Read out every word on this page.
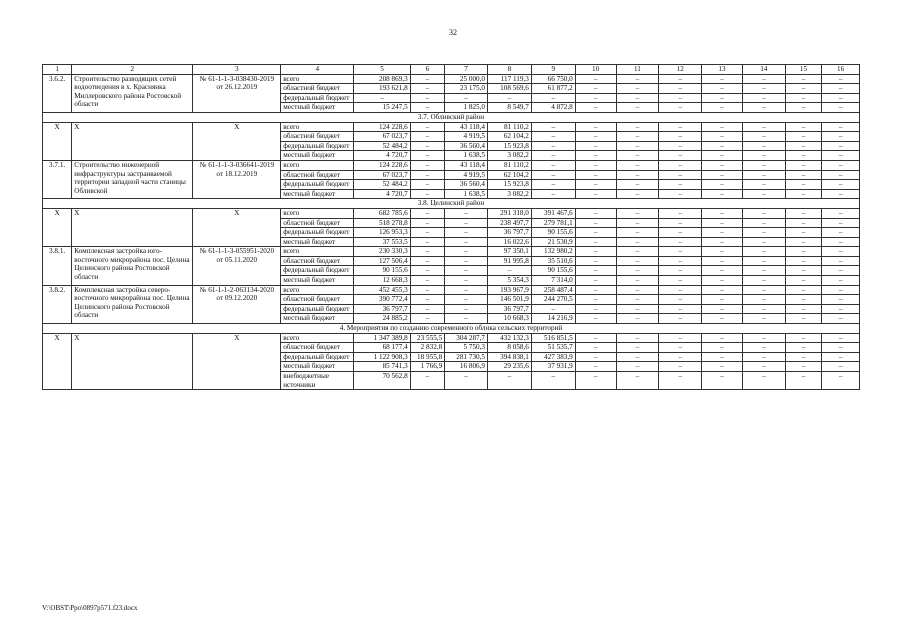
32
1	2	3	4	5	6	7	8	9	10	11	12	13	14	15	16
3.6.2.	Строительство разводящих сетей водоотведения в х. Краснянка Миллеровского района Ростовской области	№ 61-1-1-3-038430-2019 от 26.12.2019	всего	208 869,3	–	25 000,0	117 119,3	66 750,0	–	–	–	–	–	–	–
			областной бюджет	193 621,8	–	23 175,0	108 569,6	61 877,2	–	–	–	–	–	–	–
			федеральный бюджет	–	–	–	–	–	–	–	–	–	–	–	–
			местный бюджет	15 247,5	–	1 825,0	8 549,7	4 872,8	–	–	–	–	–	–	–
3.7. Обливский район															
Х	Х	Х	всего	124 228,6	–	43 118,4	81 110,2	–	–	–	–	–	–	–	–
			областной бюджет	67 023,7	–	4 919,5	62 104,2	–	–	–	–	–	–	–	–
			федеральный бюджет	52 484,2	–	36 560,4	15 923,8	–	–	–	–	–	–	–	–
			местный бюджет	4 720,7	–	1 638,5	3 082,2	–	–	–	–	–	–	–	–
3.7.1.	Строительство инженерной инфраструктуры застраиваемой территории западной части станицы Обливской	№ 61-1-1-3-036641-2019 от 18.12.2019	всего	124 228,6	–	43 118,4	81 110,2	–	–	–	–	–	–	–	–
			областной бюджет	67 023,7	–	4 919,5	62 104,2	–	–	–	–	–	–	–	–
			федеральный бюджет	52 484,2	–	36 560,4	15 923,8	–	–	–	–	–	–	–	–
			местный бюджет	4 720,7	–	1 638,5	3 082,2	–	–	–	–	–	–	–	–
3.8. Целинский район															
Х	Х	Х	всего	682 785,6	–	–	291 318,0	391 467,6	–	–	–	–	–	–	–
			областной бюджет	518 278,8	–	–	238 497,7	279 781,1	–	–	–	–	–	–	–
			федеральный бюджет	126 953,3	–	–	36 797,7	90 155,6	–	–	–	–	–	–	–
			местный бюджет	37 553,5	–	–	16 022,6	21 530,9	–	–	–	–	–	–	–
3.8.1.	Комплексная застройка юго-восточного микрорайона пос. Целина Целинского района Ростовской области	№ 61-1-1-3-055951-2020 от 05.11.2020	всего	230 330,3	–	–	97 350,1	132 980,2	–	–	–	–	–	–	–
			областной бюджет	127 506,4	–	–	91 995,8	35 510,6	–	–	–	–	–	–	–
			федеральный бюджет	90 155,6	–	–	–	90 155,6	–	–	–	–	–	–	–
			местный бюджет	12 668,3	–	–	5 354,3	7 314,0	–	–	–	–	–	–	–
3.8.2.	Комплексная застройка северо-восточного микрорайона пос. Целина Целинского района Ростовской области	№ 61-1-1-2-063134-2020 от 09.12.2020	всего	452 455,3	–	–	193 967,9	258 487,4	–	–	–	–	–	–	–
			областной бюджет	390 772,4	–	–	146 501,9	244 270,5	–	–	–	–	–	–	–
			федеральный бюджет	36 797,7	–	–	36 797,7	–	–	–	–	–	–	–	–
			местный бюджет	24 885,2	–	–	10 668,3	14 216,9	–	–	–	–	–	–	–
4. Мероприятия по созданию современного облика сельских территорий															
Х	Х	Х	всего	1 347 389,8	23 555,5	304 287,7	432 132,3	516 851,5	–	–	–	–	–	–	–
			областной бюджет	68 177,4	2 832,8	5 750,3	8 058,6	51 535,7	–	–	–	–	–	–	–
			федеральный бюджет	1 122 908,3	18 955,8	281 730,5	394 838,1	427 383,9	–	–	–	–	–	–	–
			местный бюджет	85 741,3	1 766,9	16 806,9	29 235,6	37 931,9	–	–	–	–	–	–	–
			внебюджетные источники	70 562,8	–	–	–	–	–	–	–	–	–	–	–
V:\OBST\Ppo\0897p571.f23.docx
